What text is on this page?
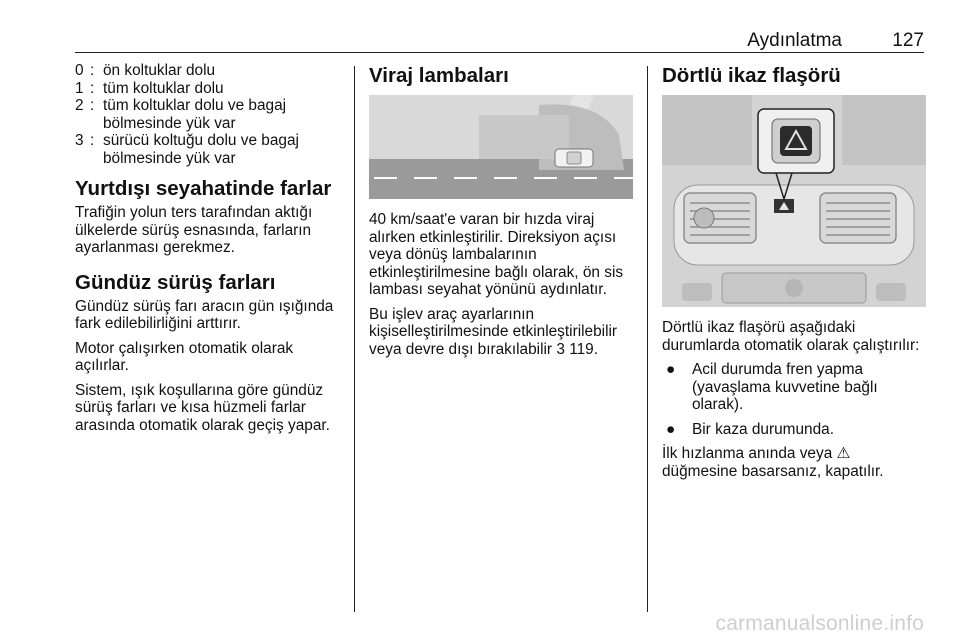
Aydınlatma	127
0 : ön koltuklar dolu
1 : tüm koltuklar dolu
2 : tüm koltuklar dolu ve bagaj bölmesinde yük var
3 : sürücü koltuğu dolu ve bagaj bölmesinde yük var
Yurtdışı seyahatinde farlar

Trafiğin yolun ters tarafından aktığı ülkelerde sürüş esnasında, farların ayarlanması gerekmez.

Gündüz sürüş farları

Gündüz sürüş farı aracın gün ışığında fark edilebilirliğini arttırır.

Motor çalışırken otomatik olarak açılırlar.

Sistem, ışık koşullarına göre gündüz sürüş farları ve kısa hüzmeli farlar arasında otomatik olarak geçiş yapar.

Viraj lambaları

40 km/saat'e varan bir hızda viraj alırken etkinleştirilir. Direksiyon açısı veya dönüş lambalarının etkinleştirilmesine bağlı olarak, ön sis lambası seyahat yönünü aydınlatır.

Bu işlev araç ayarlarının kişiselleştirilmesinde etkinleştirilebilir veya devre dışı bırakılabilir 3 119.

Dörtlü ikaz flaşörü

Dörtlü ikaz flaşörü aşağıdaki durumlarda otomatik olarak çalıştırılır:

●	Acil durumda fren yapma (yavaşlama kuvvetine bağlı olarak).
●	Bir kaza durumunda.

İlk hızlanma anında veya ⚠ düğmesine basarsanız, kapatılır.

carmanualsonline.info
